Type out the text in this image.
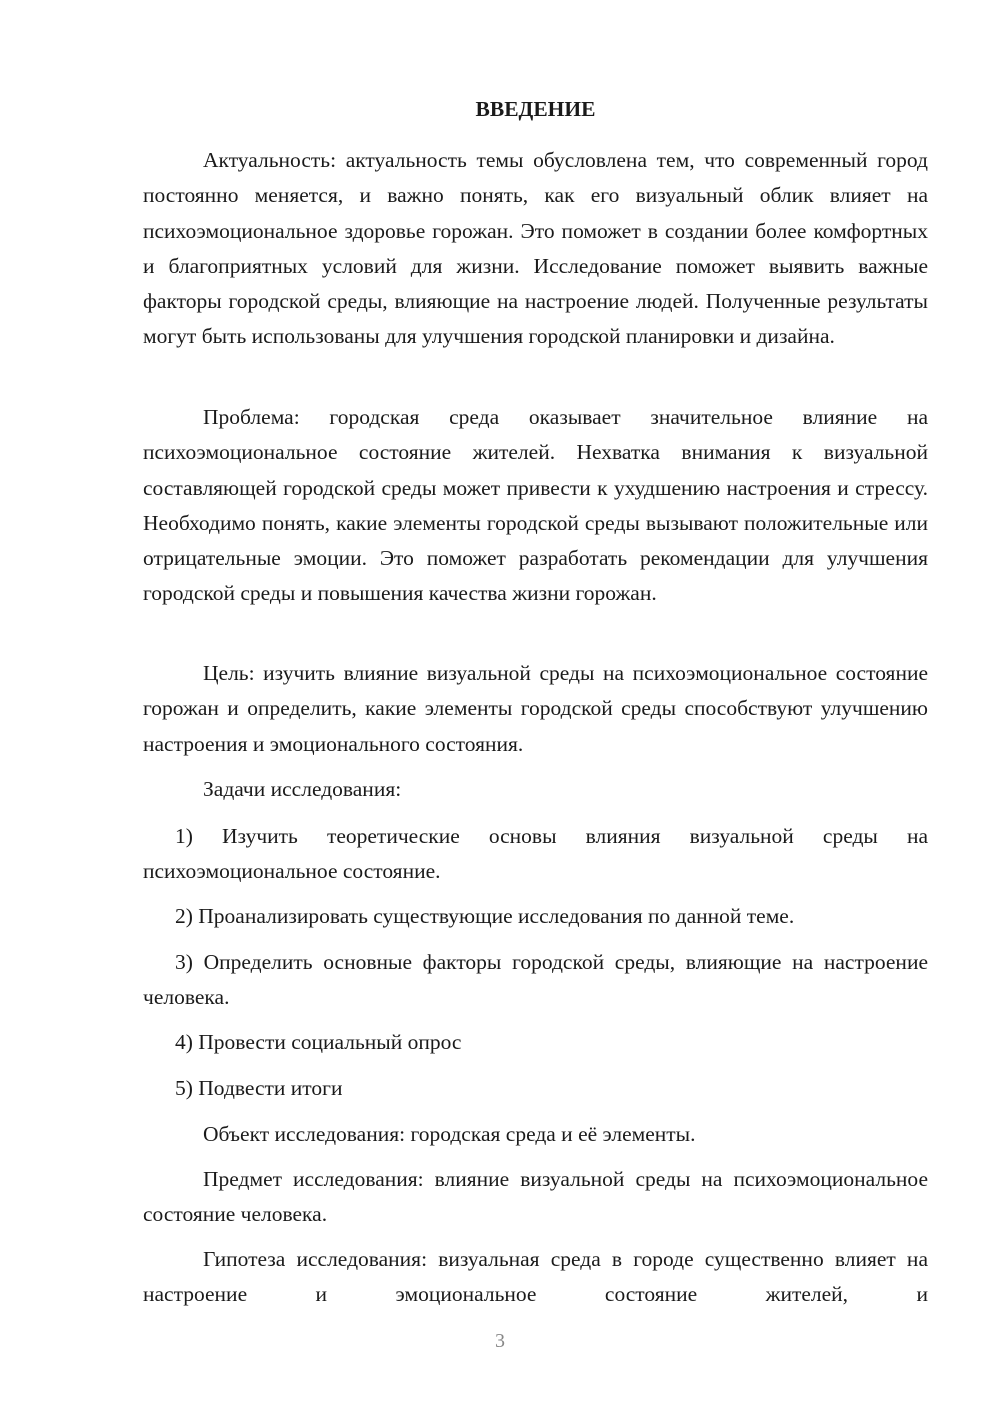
ВВЕДЕНИЕ

Актуальность: актуальность темы обусловлена тем, что современный город постоянно меняется, и важно понять, как его визуальный облик влияет на психоэмоциональное здоровье горожан. Это поможет в создании более комфортных и благоприятных условий для жизни. Исследование поможет выявить важные факторы городской среды, влияющие на настроение людей. Полученные результаты могут быть использованы для улучшения городской планировки и дизайна.

Проблема: городская среда оказывает значительное влияние на психоэмоциональное состояние жителей. Нехватка внимания к визуальной составляющей городской среды может привести к ухудшению настроения и стрессу. Необходимо понять, какие элементы городской среды вызывают положительные или отрицательные эмоции. Это поможет разработать рекомендации для улучшения городской среды и повышения качества жизни горожан.

Цель: изучить влияние визуальной среды на психоэмоциональное состояние горожан и определить, какие элементы городской среды способствуют улучшению настроения и эмоционального состояния.

Задачи исследования:

1) Изучить теоретические основы влияния визуальной среды на психоэмоциональное состояние.

2) Проанализировать существующие исследования по данной теме.

3) Определить основные факторы городской среды, влияющие на настроение человека.

4) Провести социальный опрос

5) Подвести итоги

Объект исследования: городская среда и её элементы.

Предмет исследования: влияние визуальной среды на психоэмоциональное состояние человека.

Гипотеза исследования: визуальная среда в городе существенно влияет на настроение и эмоциональное состояние жителей, и

3
